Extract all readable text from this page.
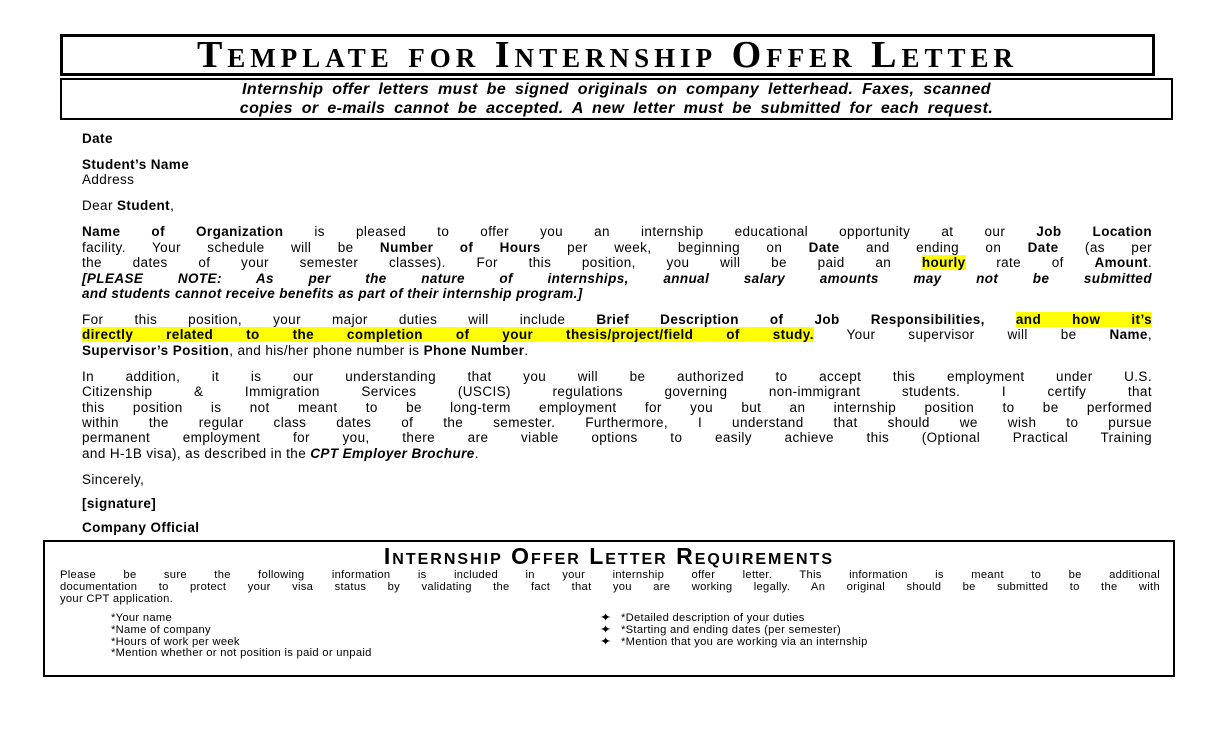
Template for Internship Offer Letter
Internship offer letters must be signed originals on company letterhead. Faxes, scanned
copies or e-mails cannot be accepted. A new letter must be submitted for each request.

Date

Student’s Name
Address

Dear Student,

Name of Organization is pleased to offer you an internship educational opportunity at our Job Location
facility. Your schedule will be Number of Hours per week, beginning on Date and ending on Date (as per
the dates of your semester classes). For this position, you will be paid an hourly rate of Amount.
[PLEASE NOTE: As per the nature of internships, annual salary amounts may not be submitted
and students cannot receive benefits as part of their internship program.]
For this position, your major duties will include Brief Description of Job Responsibilities, and how it’s
directly related to the completion of your thesis/project/field of study. Your supervisor will be Name,
Supervisor’s Position, and his/her phone number is Phone Number.
In addition, it is our understanding that you will be authorized to accept this employment under U.S.
Citizenship & Immigration Services (USCIS) regulations governing non-immigrant students. I certify that
this position is not meant to be long-term employment for you but an internship position to be performed
within the regular class dates of the semester. Furthermore, I understand that should we wish to pursue
permanent employment for you, there are viable options to easily achieve this (Optional Practical Training
and H-1B visa), as described in the CPT Employer Brochure.

Sincerely,

[signature]

Company Official

Internship Offer Letter Requirements
Please be sure the following information is included in your internship offer letter. This information is meant to be additional
documentation to protect your visa status by validating the fact that you are working legally. An original should be submitted to the with
your CPT application.
*Your name
*Name of company
*Hours of work per week
*Mention whether or not position is paid or unpaid
✦ *Detailed description of your duties
✦ *Starting and ending dates (per semester)
✦ *Mention that you are working via an internship
